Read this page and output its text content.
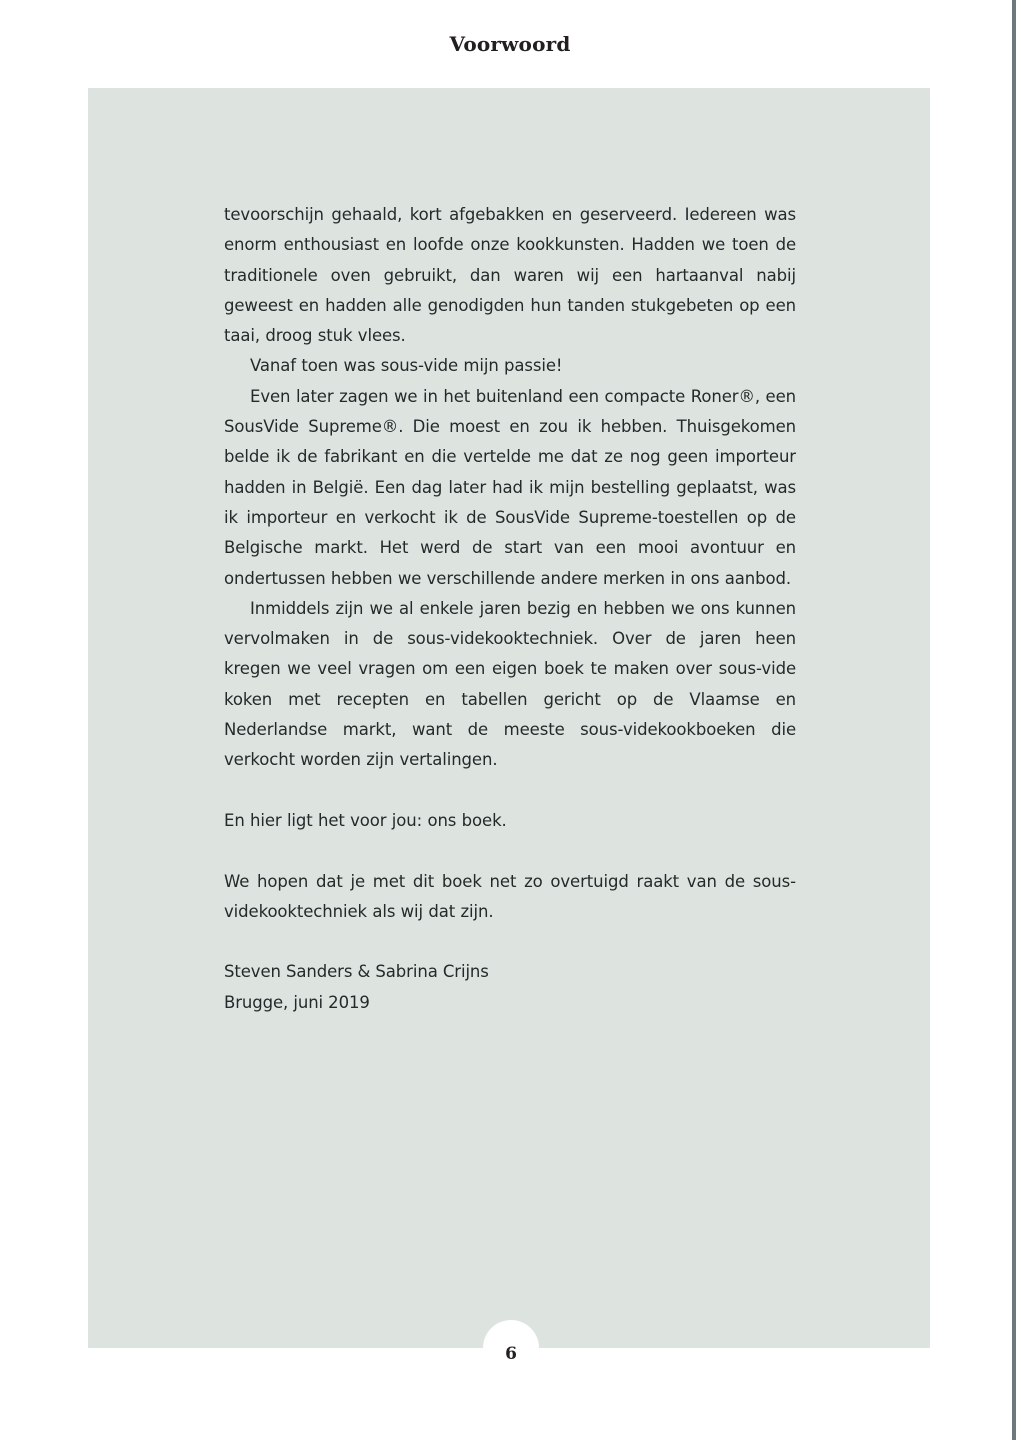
Voorwoord

tevoorschijn gehaald, kort afgebakken en geserveerd. Iedereen was enorm enthousiast en loofde onze kookkunsten. Hadden we toen de traditionele oven gebruikt, dan waren wij een hartaanval nabij geweest en hadden alle genodigden hun tanden stukgebeten op een taai, droog stuk vlees.

Vanaf toen was sous-vide mijn passie!

Even later zagen we in het buitenland een compacte Roner®, een SousVide Supreme®. Die moest en zou ik hebben. Thuisgekomen belde ik de fabrikant en die vertelde me dat ze nog geen importeur hadden in België. Een dag later had ik mijn bestelling geplaatst, was ik importeur en verkocht ik de SousVide Supreme-toestellen op de Belgische markt. Het werd de start van een mooi avontuur en ondertussen hebben we verschillende andere merken in ons aanbod.

Inmiddels zijn we al enkele jaren bezig en hebben we ons kunnen vervolmaken in de sous-videkooktechniek. Over de jaren heen kregen we veel vragen om een eigen boek te maken over sous-vide koken met recepten en tabellen gericht op de Vlaamse en Nederlandse markt, want de meeste sous-videkookboeken die verkocht worden zijn vertalingen.

En hier ligt het voor jou: ons boek.

We hopen dat je met dit boek net zo overtuigd raakt van de sous-videkooktechniek als wij dat zijn.

Steven Sanders & Sabrina Crijns

Brugge, juni 2019

6
